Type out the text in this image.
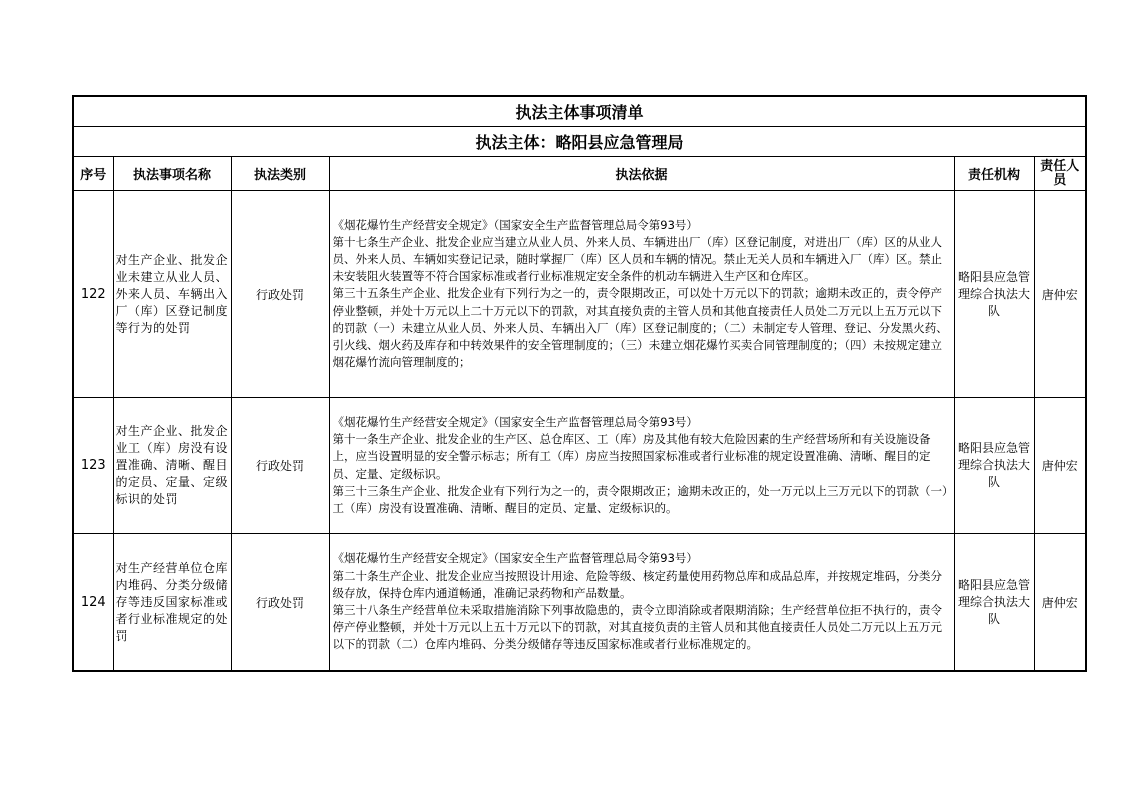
执法主体事项清单					
执法主体：略阳县应急管理局					
序号	执法事项名称	执法类别	执法依据	责任机构	责任人员
122	对生产企业、批发企业未建立从业人员、外来人员、车辆出入厂（库）区登记制度等行为的处罚	行政处罚	《烟花爆竹生产经营安全规定》（国家安全生产监督管理总局令第93号）
第十七条生产企业、批发企业应当建立从业人员、外来人员、车辆进出厂（库）区登记制度，对进出厂（库）区的从业人员、外来人员、车辆如实登记记录，随时掌握厂（库）区人员和车辆的情况。禁止无关人员和车辆进入厂（库）区。禁止未安装阻火装置等不符合国家标准或者行业标准规定安全条件的机动车辆进入生产区和仓库区。
第三十五条生产企业、批发企业有下列行为之一的，责令限期改正，可以处十万元以下的罚款；逾期未改正的，责令停产停业整顿，并处十万元以上二十万元以下的罚款，对其直接负责的主管人员和其他直接责任人员处二万元以上五万元以下的罚款（一）未建立从业人员、外来人员、车辆出入厂（库）区登记制度的；（二）未制定专人管理、登记、分发黑火药、引火线、烟火药及库存和中转效果件的安全管理制度的；（三）未建立烟花爆竹买卖合同管理制度的；（四）未按规定建立烟花爆竹流向管理制度的；	略阳县应急管理综合执法大队	唐仲宏
123	对生产企业、批发企业工（库）房没有设置准确、清晰、醒目的定员、定量、定级标识的处罚	行政处罚	《烟花爆竹生产经营安全规定》（国家安全生产监督管理总局令第93号）
第十一条生产企业、批发企业的生产区、总仓库区、工（库）房及其他有较大危险因素的生产经营场所和有关设施设备上，应当设置明显的安全警示标志；所有工（库）房应当按照国家标准或者行业标准的规定设置准确、清晰、醒目的定员、定量、定级标识。
第三十三条生产企业、批发企业有下列行为之一的，责令限期改正；逾期未改正的，处一万元以上三万元以下的罚款（一）工（库）房没有设置准确、清晰、醒目的定员、定量、定级标识的。	略阳县应急管理综合执法大队	唐仲宏
124	对生产经营单位仓库内堆码、分类分级储存等违反国家标准或者行业标准规定的处罚	行政处罚	《烟花爆竹生产经营安全规定》（国家安全生产监督管理总局令第93号）
第二十条生产企业、批发企业应当按照设计用途、危险等级、核定药量使用药物总库和成品总库，并按规定堆码，分类分级存放，保持仓库内通道畅通，准确记录药物和产品数量。
第三十八条生产经营单位未采取措施消除下列事故隐患的，责令立即消除或者限期消除；生产经营单位拒不执行的，责令停产停业整顿，并处十万元以上五十万元以下的罚款，对其直接负责的主管人员和其他直接责任人员处二万元以上五万元以下的罚款（二）仓库内堆码、分类分级储存等违反国家标准或者行业标准规定的。	略阳县应急管理综合执法大队	唐仲宏
